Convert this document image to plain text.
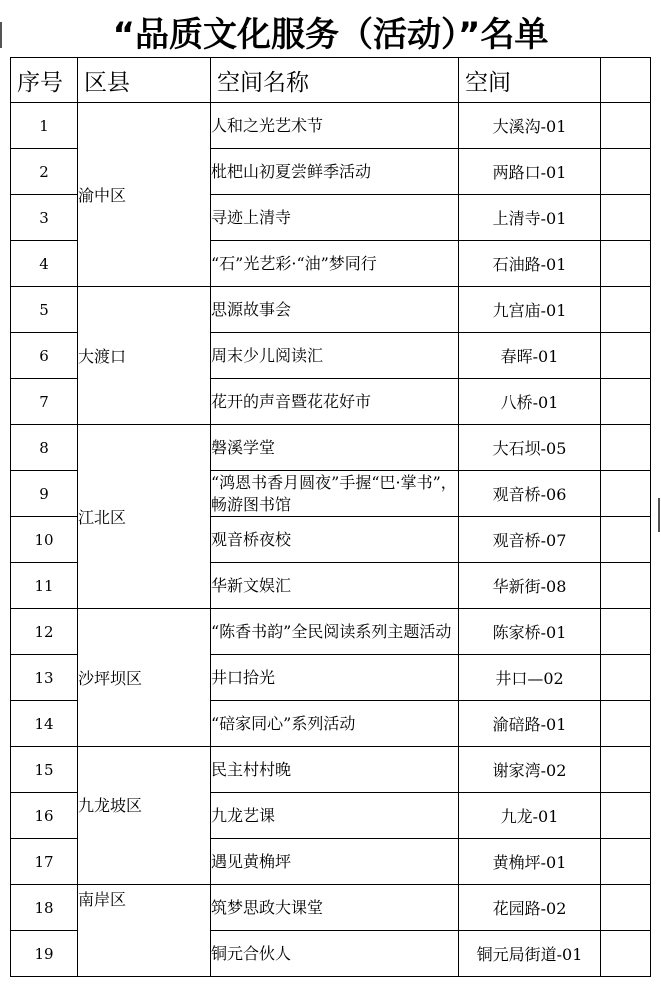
“品质文化服务（活动）”名单
序号	区县	空间名称	空间	
1	渝中区	人和之光艺术节	大溪沟-01	
2		枇杷山初夏尝鲜季活动	两路口-01	
3		寻迹上清寺	上清寺-01	
4		“石”光艺彩·“油”梦同行	石油路-01	
5	大渡口	思源故事会	九宫庙-01	
6		周末少儿阅读汇	春晖-01	
7		花开的声音暨花花好市	八桥-01	
8	江北区	磐溪学堂	大石坝-05	
9		“鸿恩书香月圆夜”手握“巴·掌书”，畅游图书馆	观音桥-06	
10		观音桥夜校	观音桥-07	
11		华新文娱汇	华新街-08	
12	沙坪坝区	“陈香书韵”全民阅读系列主题活动	陈家桥-01	
13		井口拾光	井口—02	
14		“碚家同心”系列活动	渝碚路-01	
15	九龙坡区	民主村村晚	谢家湾-02	
16		九龙艺课	九龙-01	
17		遇见黄桷坪	黄桷坪-01	
18	南岸区	筑梦思政大课堂	花园路-02	
19		铜元合伙人	铜元局街道-01	
